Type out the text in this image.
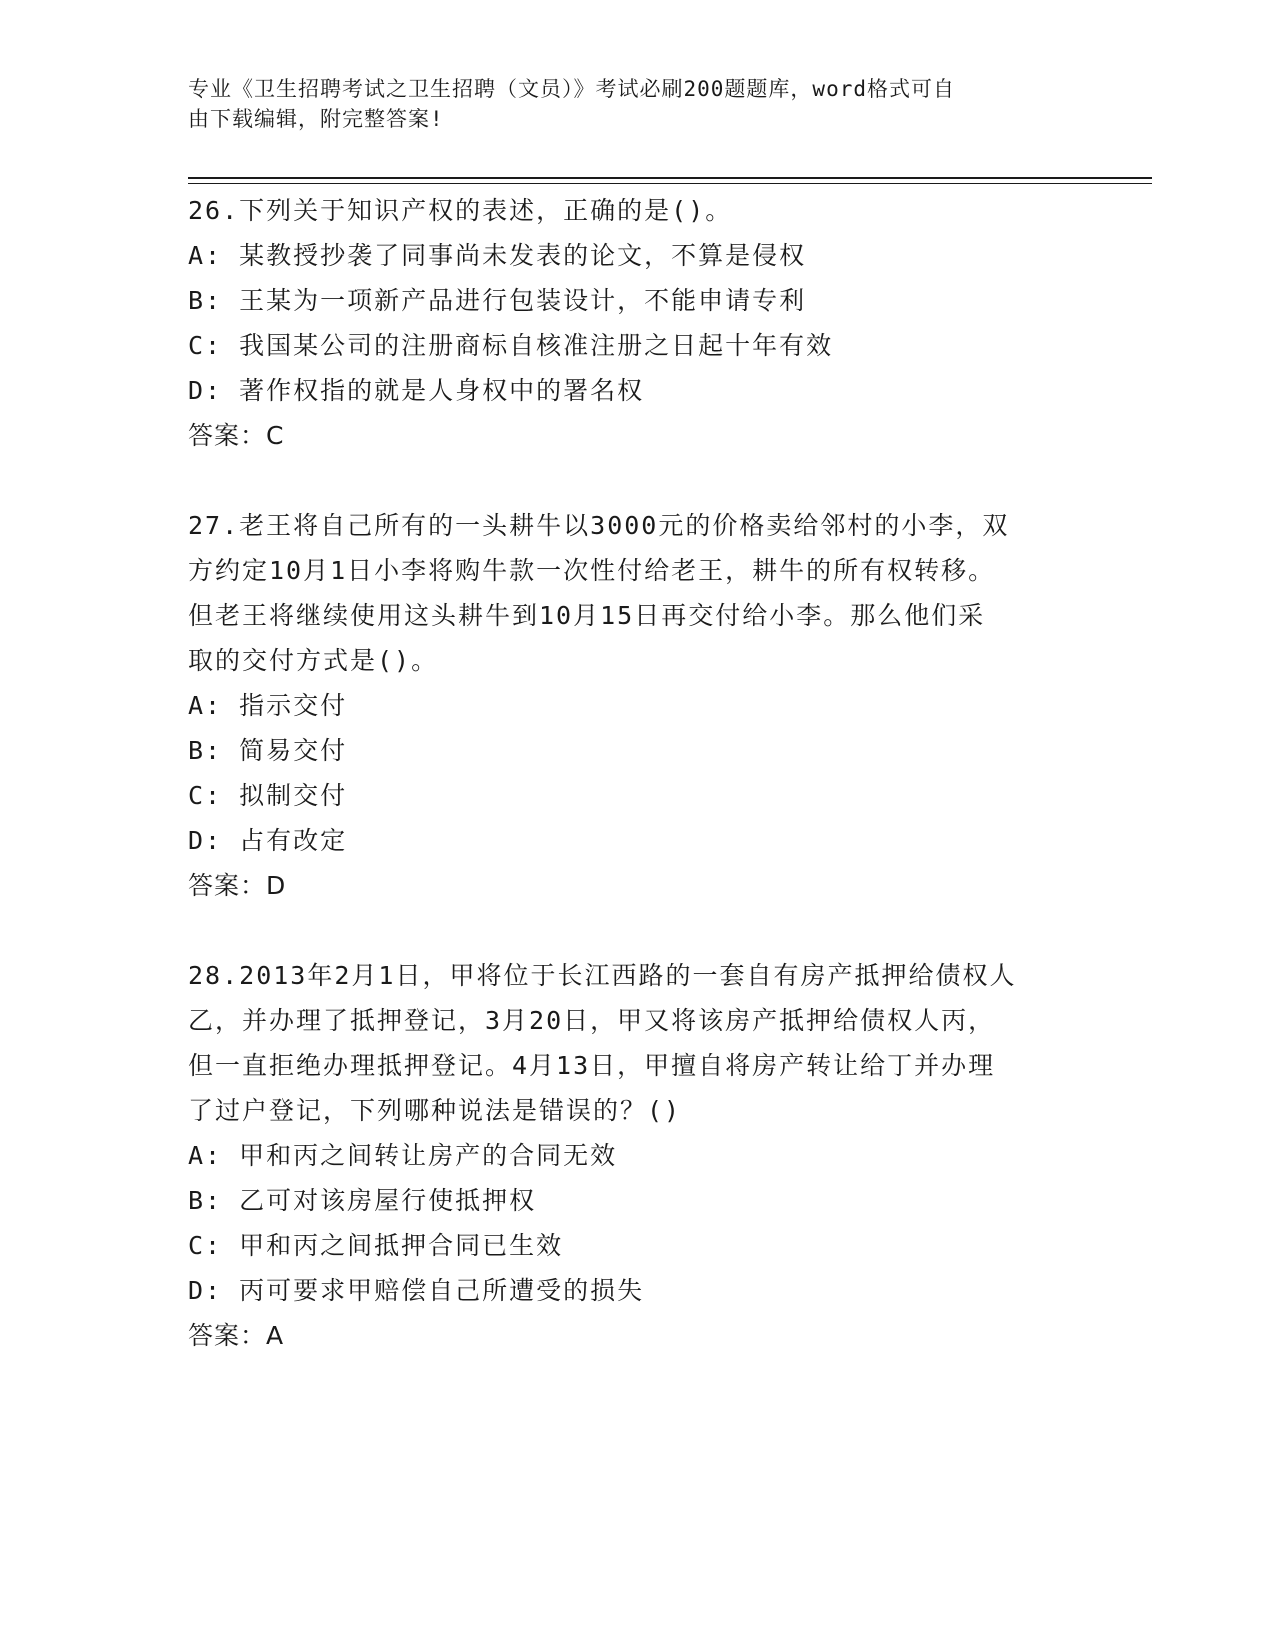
专业《卫生招聘考试之卫生招聘（文员）》考试必刷200题题库，word格式可自
由下载编辑，附完整答案!
26.下列关于知识产权的表述，正确的是()。
A: 某教授抄袭了同事尚未发表的论文，不算是侵权
B: 王某为一项新产品进行包装设计，不能申请专利
C: 我国某公司的注册商标自核准注册之日起十年有效
D: 著作权指的就是人身权中的署名权
答案：C
27.老王将自己所有的一头耕牛以3000元的价格卖给邻村的小李，双
方约定10月1日小李将购牛款一次性付给老王，耕牛的所有权转移。
但老王将继续使用这头耕牛到10月15日再交付给小李。那么他们采
取的交付方式是()。
A: 指示交付
B: 简易交付
C: 拟制交付
D: 占有改定
答案：D
28.2013年2月1日，甲将位于长江西路的一套自有房产抵押给债权人
乙，并办理了抵押登记，3月20日，甲又将该房产抵押给债权人丙，
但一直拒绝办理抵押登记。4月13日，甲擅自将房产转让给丁并办理
了过户登记，下列哪种说法是错误的？()
A: 甲和丙之间转让房产的合同无效
B: 乙可对该房屋行使抵押权
C: 甲和丙之间抵押合同已生效
D: 丙可要求甲赔偿自己所遭受的损失
答案：A
